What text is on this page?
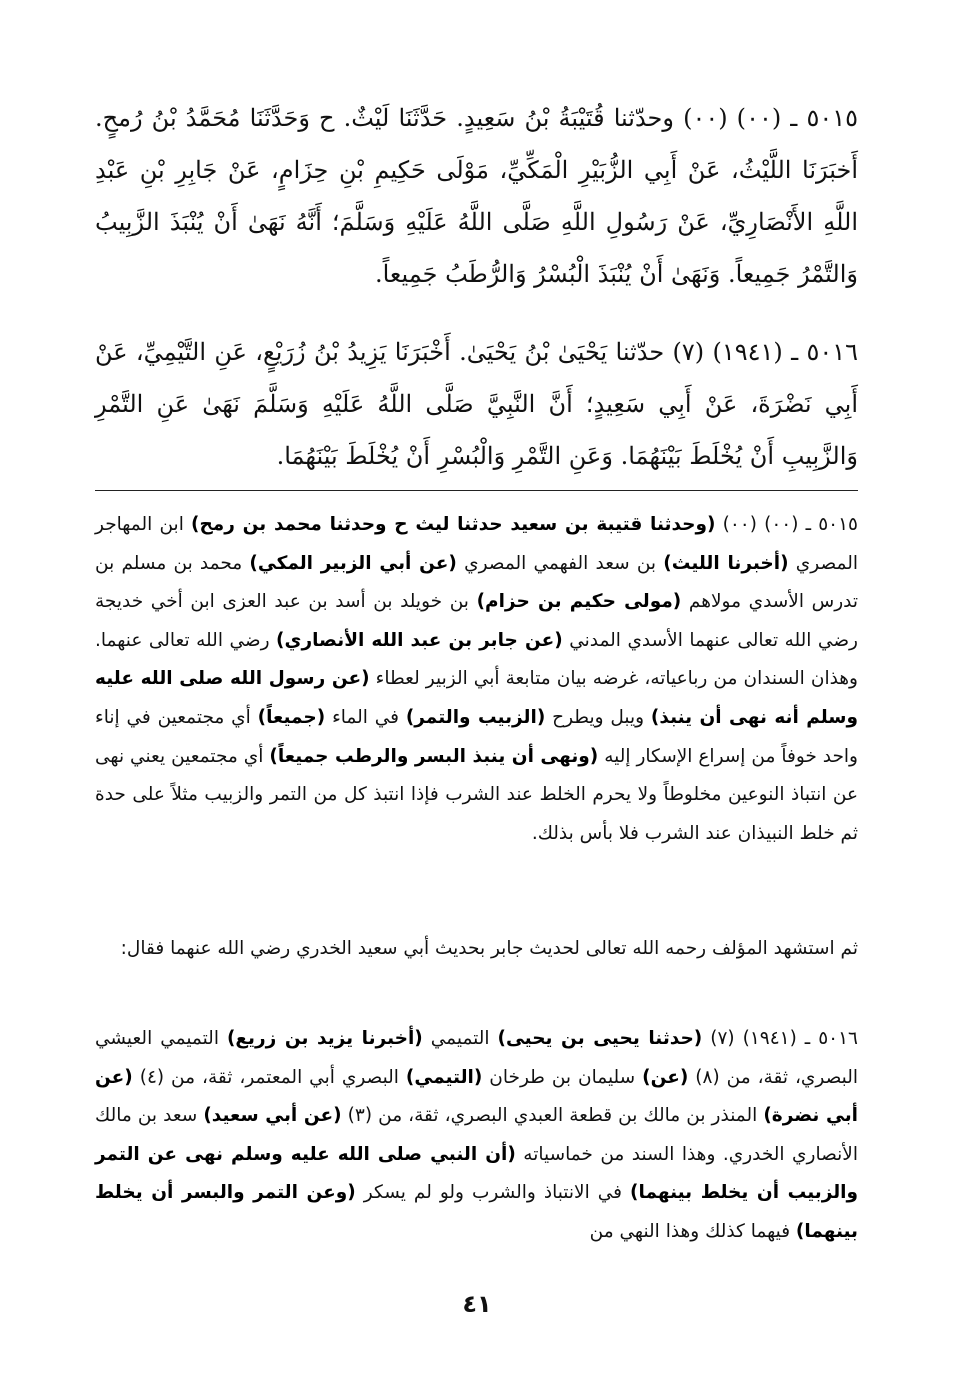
٥٠١٥ ـ (٠٠) (٠٠) وحدّثنا قُتَيْبَةُ بْنُ سَعِيدٍ. حَدَّثَنَا لَيْثٌ. ح وَحَدَّثَنَا مُحَمَّدُ بْنُ رُمحٍ. أَخبَرَنَا اللَّيْثُ، عَنْ أَبِي الزُّبَيْرِ الْمَكِّيِّ، مَوْلَى حَكِيمِ بْنِ حِزَامٍ، عَنْ جَابِرِ بْنِ عَبْدِ اللَّهِ الأَنْصَارِيِّ، عَنْ رَسُولِ اللَّهِ صَلَّى اللَّهُ عَلَيْهِ وَسَلَّمَ؛ أَنَّهُ نَهَىٰ أَنْ يُنْبَذَ الزَّبِيبُ وَالتَّمْرُ جَمِيعاً. وَنَهَىٰ أَنْ يُنْبَذَ الْبُسْرُ وَالرُّطَبُ جَمِيعاً.

٥٠١٦ ـ (١٩٤١) (٧) حدّثنا يَحْيَىٰ بْنُ يَحْيَىٰ. أَخْبَرَنَا يَزِيدُ بْنُ زُرَيْعٍ، عَنِ التَّيْمِيِّ، عَنْ أَبِي نَضْرَةَ، عَنْ أَبِي سَعِيدٍ؛ أَنَّ النَّبِيَّ صَلَّى اللَّهُ عَلَيْهِ وَسَلَّمَ نَهَىٰ عَنِ التَّمْرِ وَالزَّبِيبِ أَنْ يُخْلَطَ بَيْنَهُمَا. وَعَنِ التَّمْرِ وَالْبُسْرِ أَنْ يُخْلَطَ بَيْنَهُمَا.

٥٠١٥ ـ (٠٠) (٠٠) (وحدثنا قتيبة بن سعيد حدثنا ليث ح وحدثنا محمد بن رمح) ابن المهاجر المصري (أخبرنا الليث) بن سعد الفهمي المصري (عن أبي الزبير المكي) محمد بن مسلم بن تدرس الأسدي مولاهم (مولى حكيم بن حزام) بن خويلد بن أسد بن عبد العزى ابن أخي خديجة رضي الله تعالى عنهما الأسدي المدني (عن جابر بن عبد الله الأنصاري) رضي الله تعالى عنهما. وهذان السندان من رباعياته، غرضه بيان متابعة أبي الزبير لعطاء (عن رسول الله صلى الله عليه وسلم أنه نهى أن ينبذ) ويبل ويطرح (الزبيب والتمر) في الماء (جميعاً) أي مجتمعين في إناء واحد خوفاً من إسراع الإسكار إليه (ونهى أن ينبذ البسر والرطب جميعاً) أي مجتمعين يعني نهى عن انتباذ النوعين مخلوطاً ولا يحرم الخلط عند الشرب فإذا انتبذ كل من التمر والزبيب مثلاً على حدة ثم خلط النبيذان عند الشرب فلا بأس بذلك.

ثم استشهد المؤلف رحمه الله تعالى لحديث جابر بحديث أبي سعيد الخدري رضي الله عنهما فقال:

٥٠١٦ ـ (١٩٤١) (٧) (حدثنا يحيى بن يحيى) التميمي (أخبرنا يزيد بن زريع) التميمي العيشي البصري، ثقة، من (٨) (عن) سليمان بن طرخان (التيمي) البصري أبي المعتمر، ثقة، من (٤) (عن أبي نضرة) المنذر بن مالك بن قطعة العبدي البصري، ثقة، من (٣) (عن أبي سعيد) سعد بن مالك الأنصاري الخدري. وهذا السند من خماسياته (أن النبي صلى الله عليه وسلم نهى عن التمر والزبيب أن يخلط بينهما) في الانتباذ والشرب ولو لم يسكر (وعن التمر والبسر أن يخلط بينهما) فيهما كذلك وهذا النهي من

٤١
